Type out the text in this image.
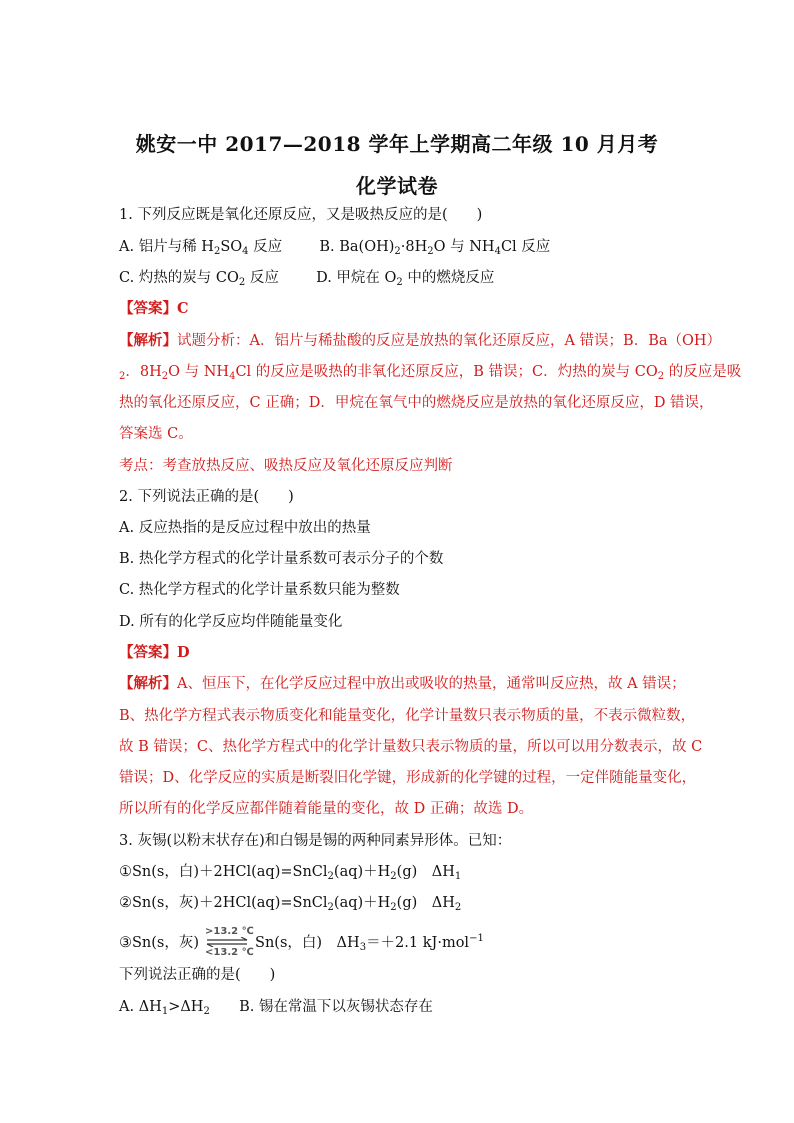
姚安一中 2017—2018 学年上学期高二年级 10 月月考
化学试卷
1. 下列反应既是氧化还原反应，又是吸热反应的是(　　)
A. 铝片与稀 $H_2SO_4$ 反应	B. $Ba(OH)_2\cdot 8H_2O$ 与 $NH_4Cl$ 反应
C. 灼热的炭与 $CO_2$ 反应	D. 甲烷在 $O_2$ 中的燃烧反应
【答案】C
【解析】试题分析：A．铝片与稀盐酸的反应是放热的氧化还原反应，A 错误；B．Ba（OH）
$_2$．$8H_2O$ 与 $NH_4Cl$ 的反应是吸热的非氧化还原反应，B 错误；C．灼热的炭与 $CO_2$ 的反应是吸
热的氧化还原反应，C 正确；D．甲烷在氧气中的燃烧反应是放热的氧化还原反应，D 错误，
答案选 C。
考点：考查放热反应、吸热反应及氧化还原反应判断
2. 下列说法正确的是(　　)
A. 反应热指的是反应过程中放出的热量
B. 热化学方程式的化学计量系数可表示分子的个数
C. 热化学方程式的化学计量系数只能为整数
D. 所有的化学反应均伴随能量变化
【答案】D
【解析】A、恒压下，在化学反应过程中放出或吸收的热量，通常叫反应热，故 A 错误；
B、热化学方程式表示物质变化和能量变化，化学计量数只表示物质的量，不表示微粒数，
故 B 错误；C、热化学方程式中的化学计量数只表示物质的量，所以可以用分数表示，故 C
错误；D、化学反应的实质是断裂旧化学键，形成新的化学键的过程，一定伴随能量变化，
所以所有的化学反应都伴随着能量的变化，故 D 正确；故选 D。
3. 灰锡(以粉末状存在)和白锡是锡的两种同素异形体。已知：
①Sn(s，白)$+2HCl(aq)=SnCl_2(aq)+H_2(g)$　$\Delta H_1$
②Sn(s，灰)$+2HCl(aq)=SnCl_2(aq)+H_2(g)$　$\Delta H_2$
③Sn(s，灰)
>13.2 ℃
<13.2 ℃
Sn(s，白)　$\Delta H_3=+2.1$ kJ·mol$^{-1}$
下列说法正确的是(　　)
A. $\Delta H_1>\Delta H_2$ B. 锡在常温下以灰锡状态存在
